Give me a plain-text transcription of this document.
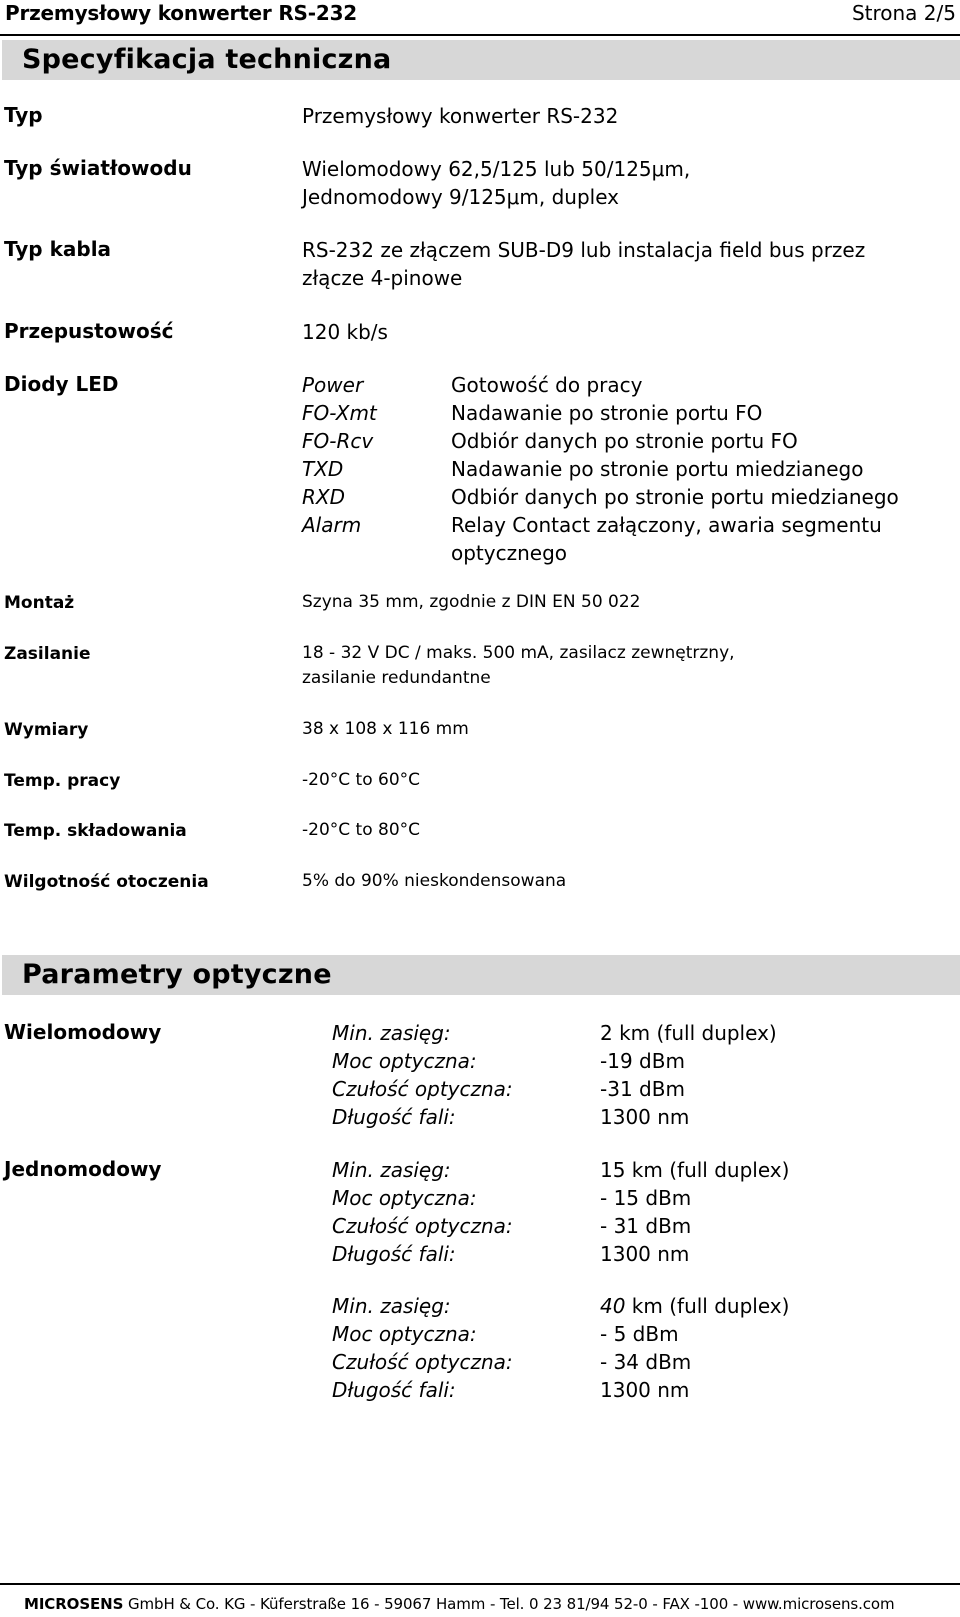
Przemysłowy konwerter RS-232	Strona 2/5
Specyfikacja techniczna
Typ	Przemysłowy konwerter RS-232
Typ światłowodu	Wielomodowy 62,5/125 lub 50/125μm,
Jednomodowy 9/125μm, duplex
Typ kabla	RS-232 ze złączem SUB-D9 lub instalacja field bus przez
złącze 4-pinowe
Przepustowość	120 kb/s
Diody LED	Power	Gotowość do pracy
FO-Xmt	Nadawanie po stronie portu FO
FO-Rcv	Odbiór danych po stronie portu FO
TXD	Nadawanie po stronie portu miedzianego
RXD	Odbiór danych po stronie portu miedzianego
Alarm	Relay Contact załączony, awaria segmentu
optycznego
Montaż	Szyna 35 mm, zgodnie z DIN EN 50 022
Zasilanie	18 - 32 V DC / maks. 500 mA, zasilacz zewnętrzny,
zasilanie redundantne
Wymiary	38 x 108 x 116 mm
Temp. pracy	-20°C to 60°C
Temp. składowania	-20°C to 80°C
Wilgotność otoczenia	5% do 90% nieskondensowana
Parametry optyczne
Wielomodowy	Min. zasięg:	2 km (full duplex)
Moc optyczna:	-19 dBm
Czułość optyczna:	-31 dBm
Długość fali:	1300 nm
Jednomodowy	Min. zasięg:	15 km (full duplex)
Moc optyczna:	- 15 dBm
Czułość optyczna:	- 31 dBm
Długość fali:	1300 nm
Min. zasięg:	40 km (full duplex)
Moc optyczna:	- 5 dBm
Czułość optyczna:	- 34 dBm
Długość fali:	1300 nm
MICROSENS GmbH & Co. KG - Küferstraße 16 - 59067 Hamm - Tel. 0 23 81/94 52-0 - FAX -100 - www.microsens.com
